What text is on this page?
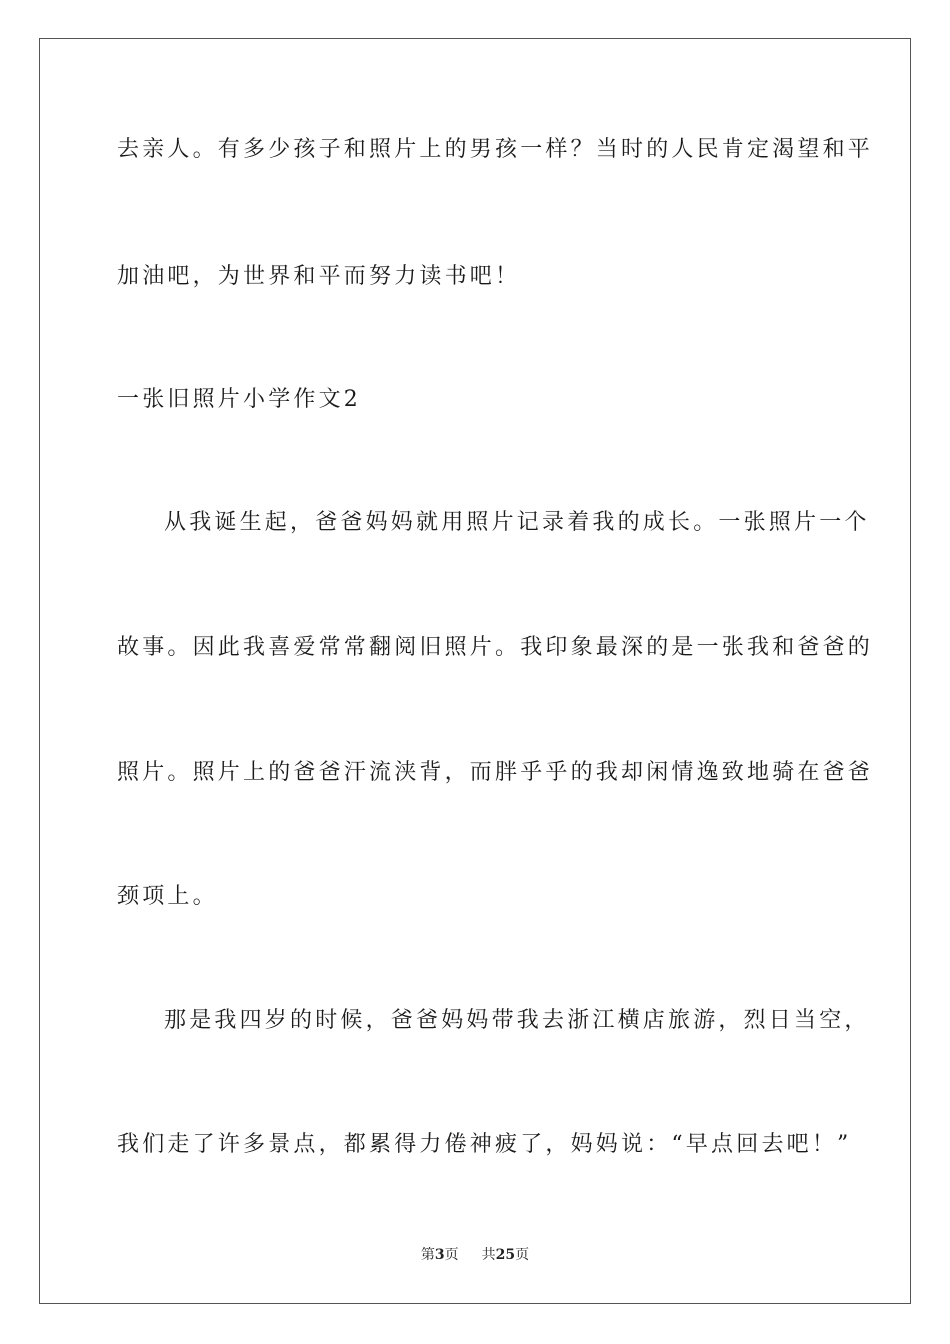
去亲人。有多少孩子和照片上的男孩一样？当时的人民肯定渴望和平
加油吧，为世界和平而努力读书吧！
一张旧照片小学作文2
从我诞生起，爸爸妈妈就用照片记录着我的成长。一张照片一个
故事。因此我喜爱常常翻阅旧照片。我印象最深的是一张我和爸爸的
照片。照片上的爸爸汗流浃背，而胖乎乎的我却闲情逸致地骑在爸爸
颈项上。
那是我四岁的时候，爸爸妈妈带我去浙江横店旅游，烈日当空，
我们走了许多景点，都累得力倦神疲了，妈妈说：“早点回去吧！”
第3页 共25页
